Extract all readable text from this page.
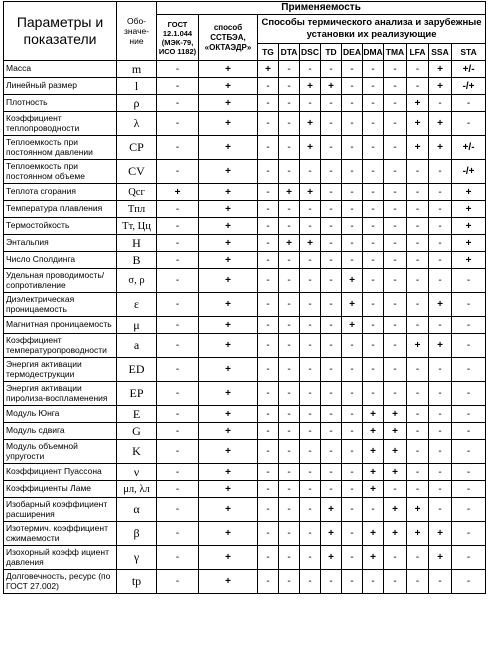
Параметры и показатели	Обо-значе-ние	Применяемость											
		ГОСТ 12.1.044 (МЭК-79, ИСО 1182)	способ ССТБЭА, «ОКТАЭДР»	Способы термического анализа и зарубежные установки их реализующие									
				TG	DTA	DSC	TD	DEA	DMA	TMA	LFA	SSA	STA
Масса	m	-	+	+	-	-	-	-	-	-	-	+	+/-
Линейный размер	l	-	+	-	-	+	+	-	-	-	-	+	-/+
Плотность	ρ	-	+	-	-	-	-	-	-	-	+	-	-
Коэффициент теплопроводности	λ	-	+	-	-	+	-	-	-	-	+	+	-
Теплоемкость при постоянном давлении	CP	-	+	-	-	+	-	-	-	-	+	+	+/-
Теплоемкость при постоянном объеме	CV	-	+	-	-	-	-	-	-	-	-	-	-/+
Теплота сгорания	Qсг	+	+	-	+	+	-	-	-	-	-	-	+
Температура плавления	Tпл	-	+	-	-	-	-	-	-	-	-	-	+
Термостойкость	Тт, Цц	-	+	-	-	-	-	-	-	-	-	-	+
Энтальпия	H	-	+	-	+	+	-	-	-	-	-	-	+
Число Сполдинга	B	-	+	-	-	-	-	-	-	-	-	-	+
Удельная проводимость/ сопротивление	σ, ρ	-	+	-	-	-	-	+	-	-	-	-	-
Диэлектрическая проницаемость	ε	-	+	-	-	-	-	+	-	-	-	+	-
Магнитная проницаемость	μ	-	+	-	-	-	-	+	-	-	-	-	-
Коэффициент температуропроводности	a	-	+	-	-	-	-	-	-	-	+	+	-
Энергия активации термодеструкции	ED	-	+	-	-	-	-	-	-	-	-	-	-
Энергия активации пиролиза-воспламенения	EP	-	+	-	-	-	-	-	-	-	-	-	-
Модуль Юнга	E	-	+	-	-	-	-	-	+	+	-	-	-
Модуль сдвига	G	-	+	-	-	-	-	-	+	+	-	-	-
Модуль объемной упругости	K	-	+	-	-	-	-	-	+	+	-	-	-
Коэффициент Пуассона	ν	-	+	-	-	-	-	-	+	+	-	-	-
Коэффициенты Ламе	μл, λл	-	+	-	-	-	-	-	+	-	-	-	-
Изобарный коэффициент расширения	α	-	+	-	-	-	+	-	-	+	+	-	-
Изотермич. коэффициент сжимаемости	β	-	+	-	-	-	+	-	+	+	+	+	-
Изохорный коэфф ициент давления	γ	-	+	-	-	-	+	-	+	-	-	+	-
Долговечность, ресурс (по ГОСТ 27.002)	tр	-	+	-	-	-	-	-	-	-	-	-	-
